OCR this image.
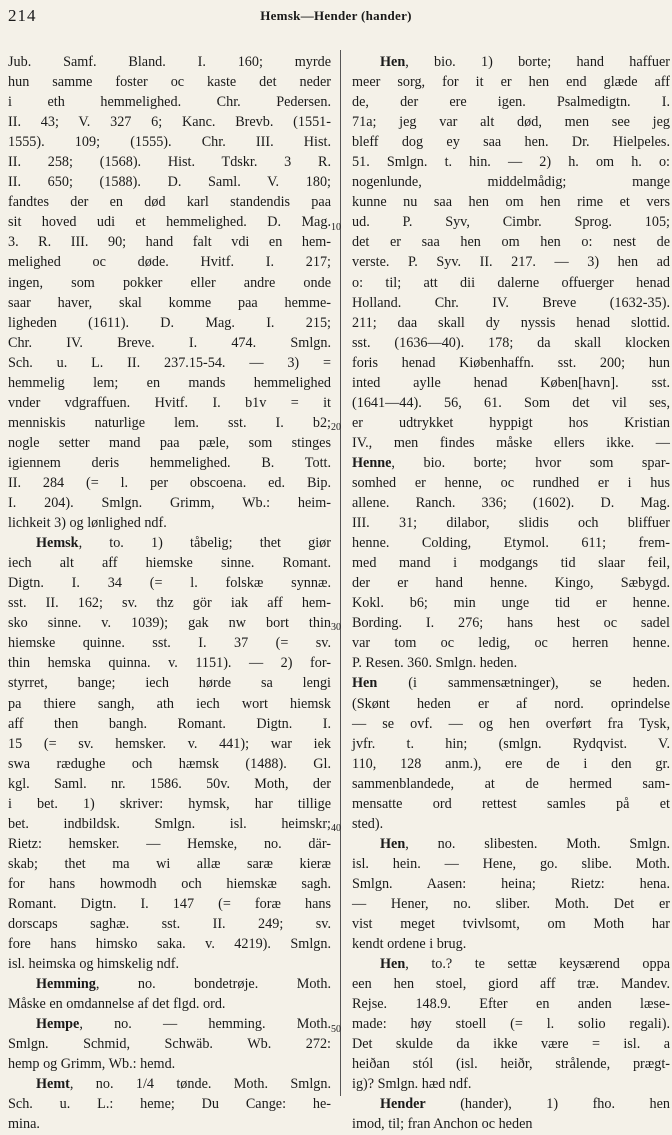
214	Hemsk—Hender (hander)
10
20
30
40
50
Jub. Samf. Bland. I. 160; myrde
hun samme foster oc kaste det neder
i eth hemmelighed. Chr. Pedersen.
II. 43; V. 327 6; Kanc. Brevb. (1551-
1555). 109; (1555). Chr. III. Hist.
II. 258; (1568). Hist. Tdskr. 3 R.
II. 650; (1588). D. Saml. V. 180;
fandtes der en død karl standendis paa
sit hoved udi et hemmelighed. D. Mag.
3. R. III. 90; hand falt vdi en hem-
melighed oc døde. Hvitf. I. 217;
ingen, som pokker eller andre onde
saar haver, skal komme paa hemme-
ligheden (1611). D. Mag. I. 215;
Chr. IV. Breve. I. 474. Smlgn.
Sch. u. L. II. 237.15-54. — 3) =
hemmelig lem; en mands hemmelighed
vnder vdgraffuen. Hvitf. I. b1v = it
menniskis naturlige lem. sst. I. b2;
nogle setter mand paa pæle, som stinges
igiennem deris hemmelighed. B. Tott.
II. 284 (= l. per obscoena. ed. Bip.
I. 204). Smlgn. Grimm, Wb.: heim-
lichkeit 3) og lønlighed ndf.
Hemsk, to. 1) tåbelig; thet giør
iech alt aff hiemske sinne. Romant.
Digtn. I. 34 (= l. folskæ synnæ.
sst. II. 162; sv. thz gör iak aff hem-
sko sinne. v. 1039); gak nw bort thin
hiemske quinne. sst. I. 37 (= sv.
thin hemska quinna. v. 1151). — 2) for-
styrret, bange; iech hørde sa lengi
pa thiere sangh, ath iech wort hiemsk
aff then bangh. Romant. Digtn. I.
15 (= sv. hemsker. v. 441); war iek
swa rædughe och hæmsk (1488). Gl.
kgl. Saml. nr. 1586. 50v. Moth, der
i bet. 1) skriver: hymsk, har tillige
bet. indbildsk. Smlgn. isl. heimskr;
Rietz: hemsker. — Hemske, no. där-
skab; thet ma wi allæ saræ kieræ
for hans howmodh och hiemskæ sagh.
Romant. Digtn. I. 147 (= foræ hans
dorscaps saghæ. sst. II. 249; sv.
fore hans himsko saka. v. 4219). Smlgn.
isl. heimska og himskelig ndf.
Hemming, no. bondetrøje. Moth.
Måske en omdannelse af det flgd. ord.
Hempe, no. — hemming. Moth.
Smlgn. Schmid, Schwäb. Wb. 272:
hemp og Grimm, Wb.: hemd.
Hemt, no. 1/4 tønde. Moth. Smlgn.
Sch. u. L.: heme; Du Cange: he-
mina.
Hen, bio. 1) borte; hand haffuer
meer sorg, for it er hen end glæde aff
de, der ere igen. Psalmedigtn. I.
71a; jeg var alt død, men see jeg
bleff dog ey saa hen. Dr. Hielpeles.
51. Smlgn. t. hin. — 2) h. om h. o:
nogenlunde, middelmådig; mange
kunne nu saa hen om hen rime et vers
ud. P. Syv, Cimbr. Sprog. 105;
det er saa hen om hen o: nest de
verste. P. Syv. II. 217. — 3) hen ad
o: til; att dii dalerne offuerger henad
Holland. Chr. IV. Breve (1632-35).
211; daa skall dy nyssis henad slottid.
sst. (1636—40). 178; da skall klocken
foris henad Kiøbenhaffn. sst. 200; hun
inted aylle henad Køben[havn]. sst.
(1641—44). 56, 61. Som det vil ses,
er udtrykket hyppigt hos Kristian
IV., men findes måske ellers ikke. —
Henne, bio. borte; hvor som spar-
somhed er henne, oc rundhed er i hus
allene. Ranch. 336; (1602). D. Mag.
III. 31; dilabor, slidis och bliffuer
henne. Colding, Etymol. 611; frem-
med mand i modgangs tid slaar feil,
der er hand henne. Kingo, Sæbygd.
Kokl. b6; min unge tid er henne.
Bording. I. 276; hans hest oc sadel
var tom oc ledig, oc herren henne.
P. Resen. 360. Smlgn. heden.
Hen (i sammensætninger), se heden.
(Skønt heden er af nord. oprindelse
— se ovf. — og hen overført fra Tysk,
jvfr. t. hin; (smlgn. Rydqvist. V.
110, 128 anm.), ere de i den gr.
sammenblandede, at de hermed sam-
mensatte ord rettest samles på et
sted).
Hen, no. slibesten. Moth. Smlgn.
isl. hein. — Hene, go. slibe. Moth.
Smlgn. Aasen: heina; Rietz: hena.
— Hener, no. sliber. Moth. Det er
vist meget tvivlsomt, om Moth har
kendt ordene i brug.
Hen, to.? te settæ keysærend oppa
een hen stoel, giord aff træ. Mandev.
Rejse. 148.9. Efter en anden læse-
made: høy stoell (= l. solio regali).
Det skulde da ikke være = isl. a
heiðan stól (isl. heiðr, strålende, prægt-
ig)? Smlgn. hæd ndf.
Hender (hander), 1) fho. hen
imod, til; fran Anchon oc heden
